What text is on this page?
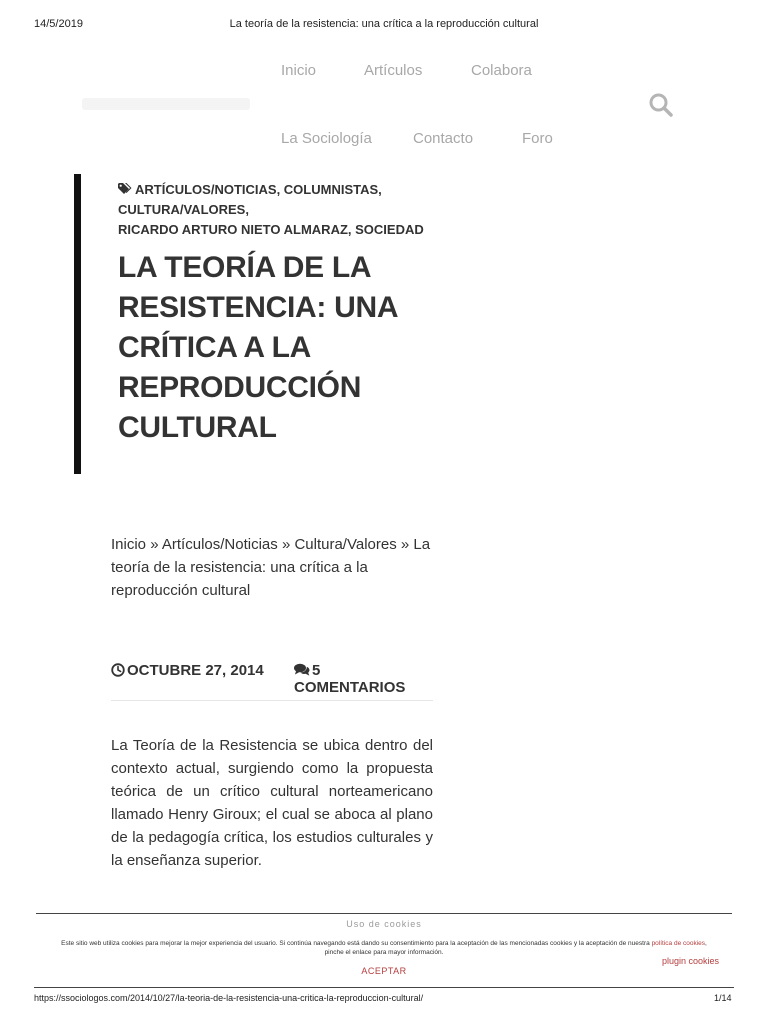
14/5/2019	La teoría de la resistencia: una crítica a la reproducción cultural
Inicio	Artículos	Colabora
La Sociología	Contacto	Foro
ARTÍCULOS/NOTICIAS, COLUMNISTAS,
CULTURA/VALORES,
RICARDO ARTURO NIETO ALMARAZ, SOCIEDAD
LA TEORÍA DE LA RESISTENCIA: UNA CRÍTICA A LA REPRODUCCIÓN CULTURAL
Inicio » Artículos/Noticias » Cultura/Valores » La teoría de la resistencia: una crítica a la reproducción cultural
OCTUBRE 27, 2014	5 COMENTARIOS

La Teoría de la Resistencia se ubica dentro del contexto actual, surgiendo como la propuesta teórica de un crítico cultural norteamericano llamado Henry Giroux; el cual se aboca al plano de la pedagogía crítica, los estudios culturales y la enseñanza superior.

Uso de cookies
Este sitio web utiliza cookies para mejorar la mejor experiencia del usuario. Si continúa navegando está dando su consentimiento para la aceptación de las mencionadas cookies y la aceptación de nuestra política de cookies, pinche el enlace para mayor información.
ACEPTAR
plugin cookies
https://ssociologos.com/2014/10/27/la-teoria-de-la-resistencia-una-critica-la-reproduccion-cultural/	1/14
